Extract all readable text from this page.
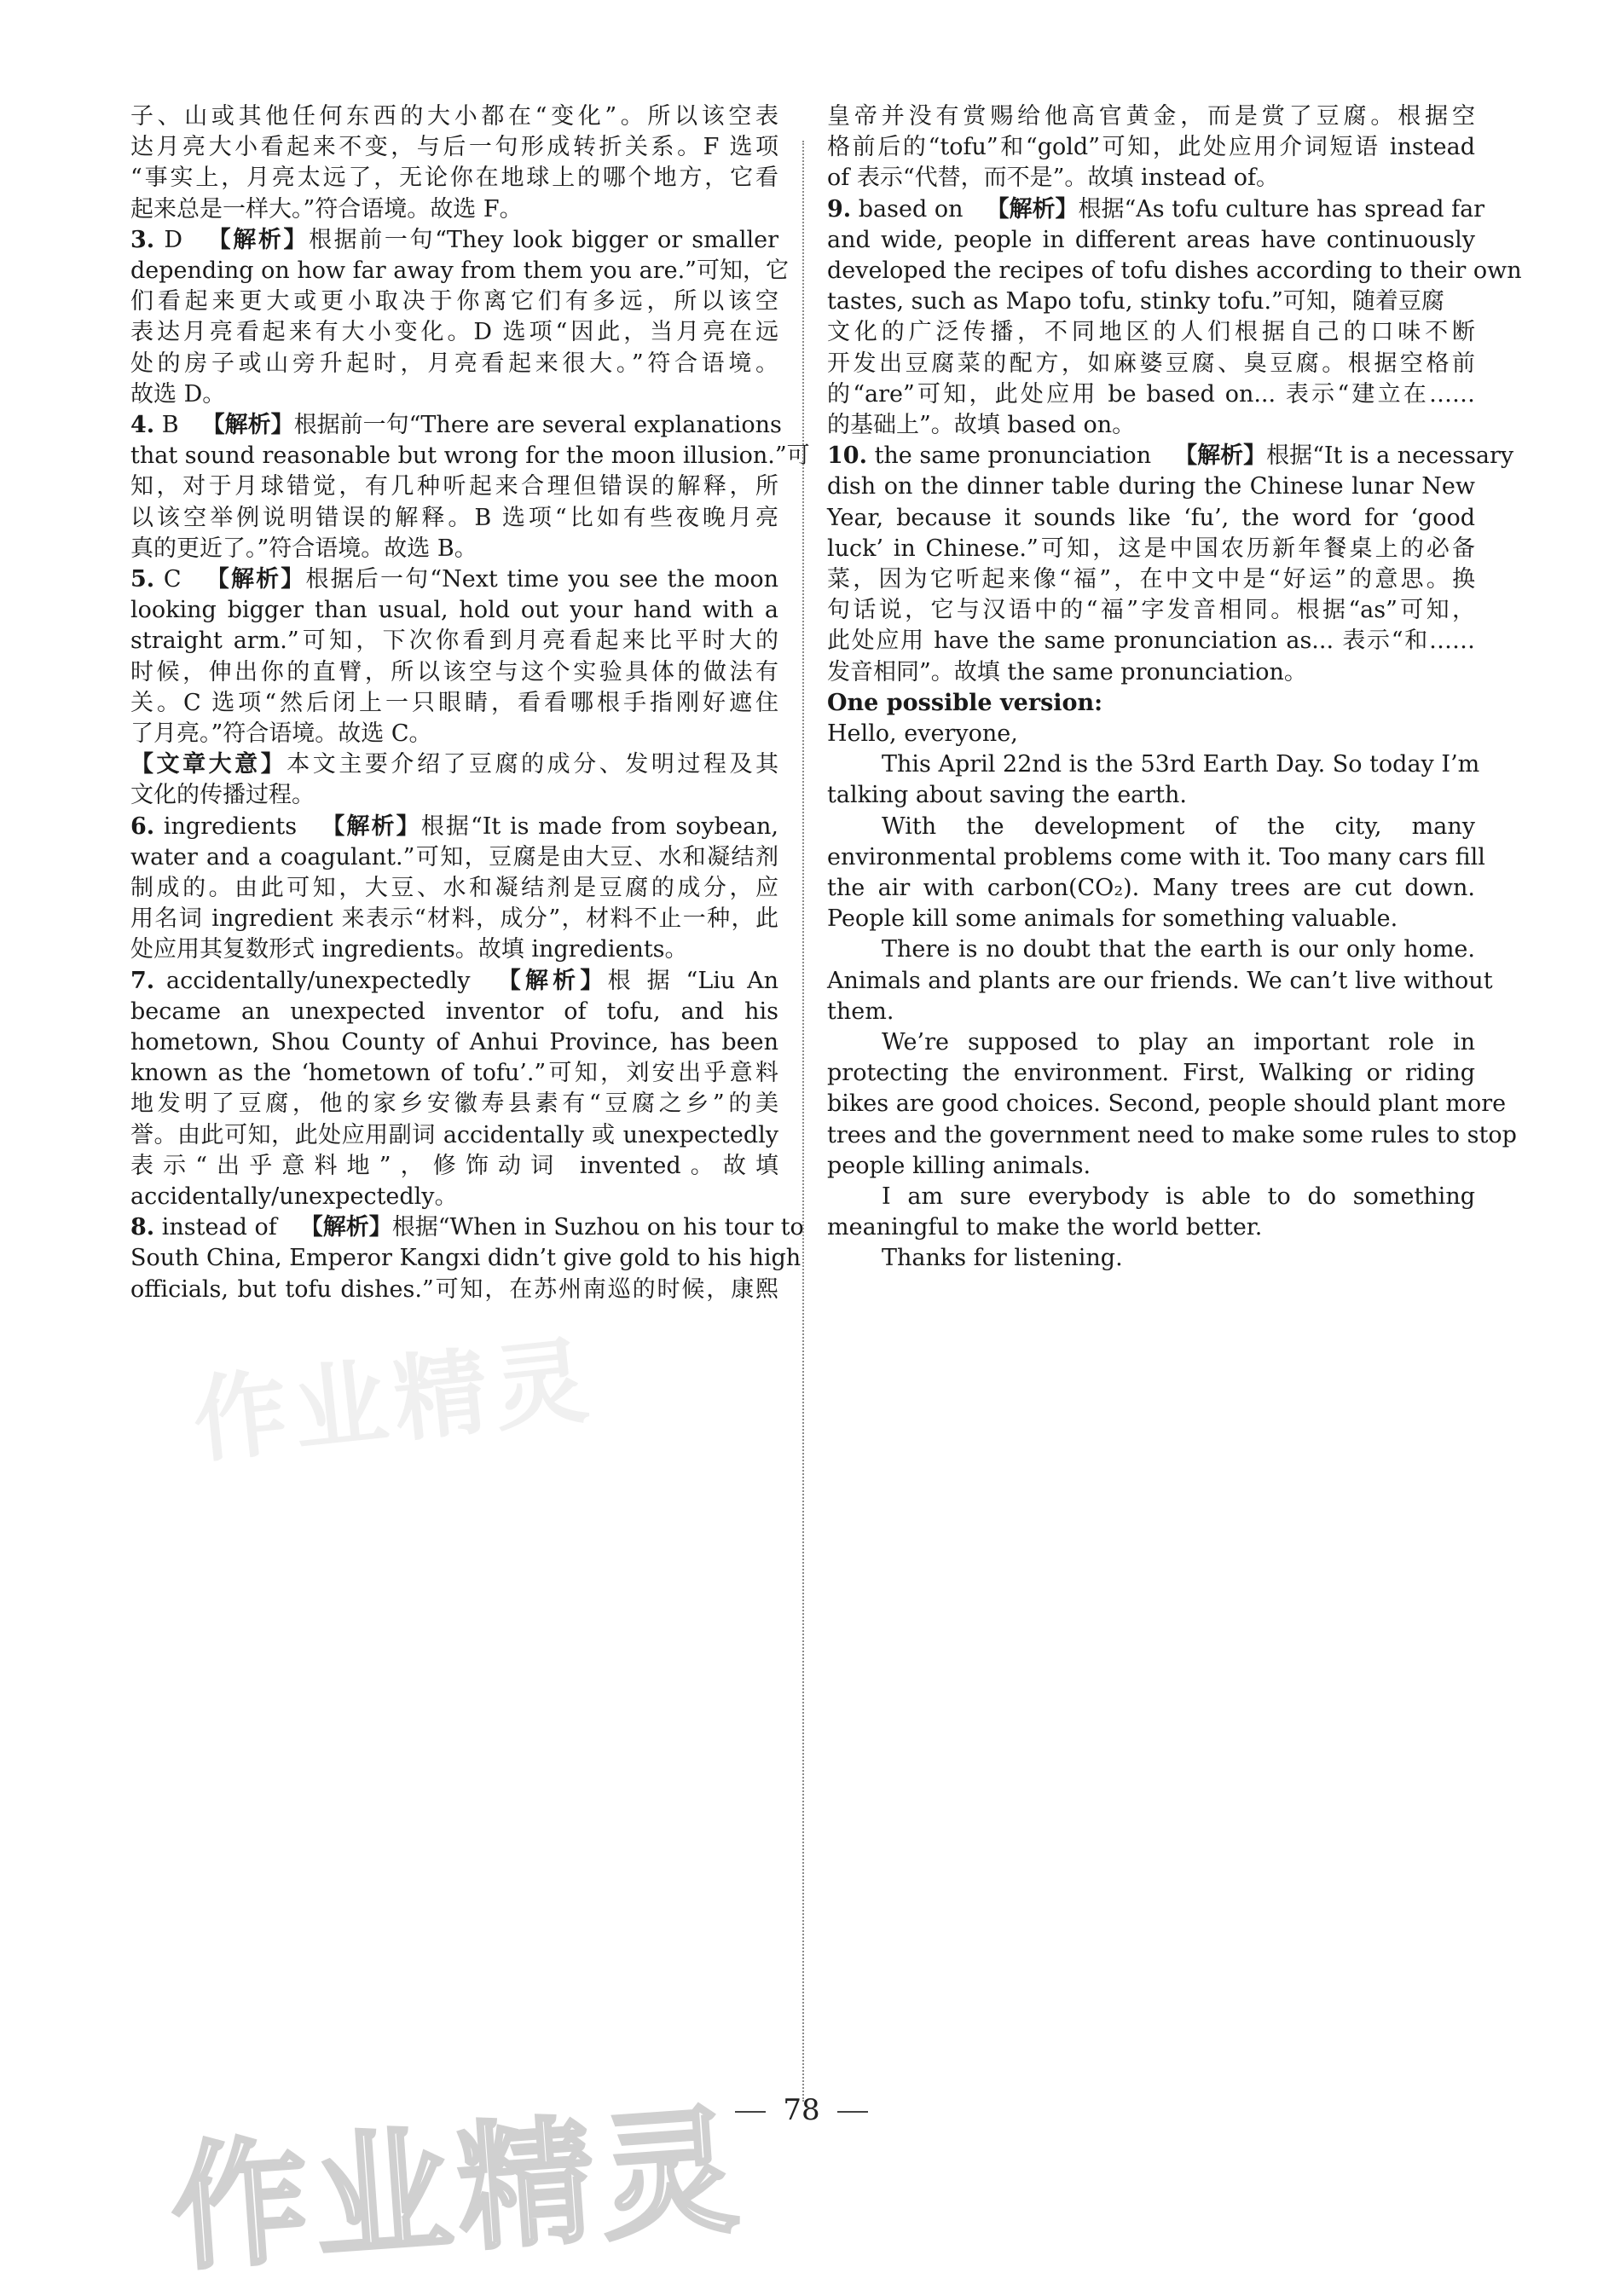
子、山或其他任何东西的大小都在“变化”。所以该空表
达月亮大小看起来不变，与后一句形成转折关系。F 选项
“事实上，月亮太远了，无论你在地球上的哪个地方，它看
起来总是一样大。”符合语境。故选 F。
3. D  【解析】根据前一句“They look bigger or smaller
depending on how far away from them you are.”可知，它
们看起来更大或更小取决于你离它们有多远，所以该空
表达月亮看起来有大小变化。D 选项“因此，当月亮在远
处的房子或山旁升起时，月亮看起来很大。”符合语境。
故选 D。
4. B  【解析】根据前一句“There are several explanations
that sound reasonable but wrong for the moon illusion.”可
知，对于月球错觉，有几种听起来合理但错误的解释，所
以该空举例说明错误的解释。B 选项“比如有些夜晚月亮
真的更近了。”符合语境。故选 B。
5. C  【解析】根据后一句“Next time you see the moon
looking bigger than usual, hold out your hand with a
straight arm.”可知，下次你看到月亮看起来比平时大的
时候，伸出你的直臂，所以该空与这个实验具体的做法有
关。C 选项“然后闭上一只眼睛，看看哪根手指刚好遮住
了月亮。”符合语境。故选 C。
【文章大意】本文主要介绍了豆腐的成分、发明过程及其
文化的传播过程。
6. ingredients  【解析】根据“It is made from soybean,
water and a coagulant.”可知，豆腐是由大豆、水和凝结剂
制成的。由此可知，大豆、水和凝结剂是豆腐的成分，应
用名词 ingredient 来表示“材料，成分”，材料不止一种，此
处应用其复数形式 ingredients。故填 ingredients。
7. accidentally/unexpectedly  【解析】根 据 “Liu An
became an unexpected inventor of tofu, and his
hometown, Shou County of Anhui Province, has been
known as the ‘hometown of tofu’.”可知，刘安出乎意料
地发明了豆腐，他的家乡安徽寿县素有“豆腐之乡”的美
誉。由此可知，此处应用副词 accidentally 或 unexpectedly
表示“出乎意料地”，修饰动词 invented。故填
accidentally/unexpectedly。
8. instead of  【解析】根据“When in Suzhou on his tour to
South China, Emperor Kangxi didn’t give gold to his high
officials, but tofu dishes.”可知，在苏州南巡的时候，康熙
皇帝并没有赏赐给他高官黄金，而是赏了豆腐。根据空
格前后的“tofu”和“gold”可知，此处应用介词短语 instead
of 表示“代替，而不是”。故填 instead of。
9. based on  【解析】根据“As tofu culture has spread far
and wide, people in different areas have continuously
developed the recipes of tofu dishes according to their own
tastes, such as Mapo tofu, stinky tofu.”可知，随着豆腐
文化的广泛传播，不同地区的人们根据自己的口味不断
开发出豆腐菜的配方，如麻婆豆腐、臭豆腐。根据空格前
的“are”可知，此处应用 be based on... 表示“建立在……
的基础上”。故填 based on。
10. the same pronunciation  【解析】根据“It is a necessary
dish on the dinner table during the Chinese lunar New
Year, because it sounds like ‘fu’, the word for ‘good
luck’ in Chinese.”可知，这是中国农历新年餐桌上的必备
菜，因为它听起来像“福”，在中文中是“好运”的意思。换
句话说，它与汉语中的“福”字发音相同。根据“as”可知，
此处应用 have the same pronunciation as... 表示“和……
发音相同”。故填 the same pronunciation。
One possible version:
Hello, everyone,
This April 22nd is the 53rd Earth Day. So today I’m
talking about saving the earth.
With the development of the city, many
environmental problems come with it. Too many cars fill
the air with carbon(CO₂). Many trees are cut down.
People kill some animals for something valuable.
There is no doubt that the earth is our only home.
Animals and plants are our friends. We can’t live without
them.
We’re supposed to play an important role in
protecting the environment. First, Walking or riding
bikes are good choices. Second, people should plant more
trees and the government need to make some rules to stop
people killing animals.
I am sure everybody is able to do something
meaningful to make the world better.
Thanks for listening.
78
作业精灵
作业精灵
